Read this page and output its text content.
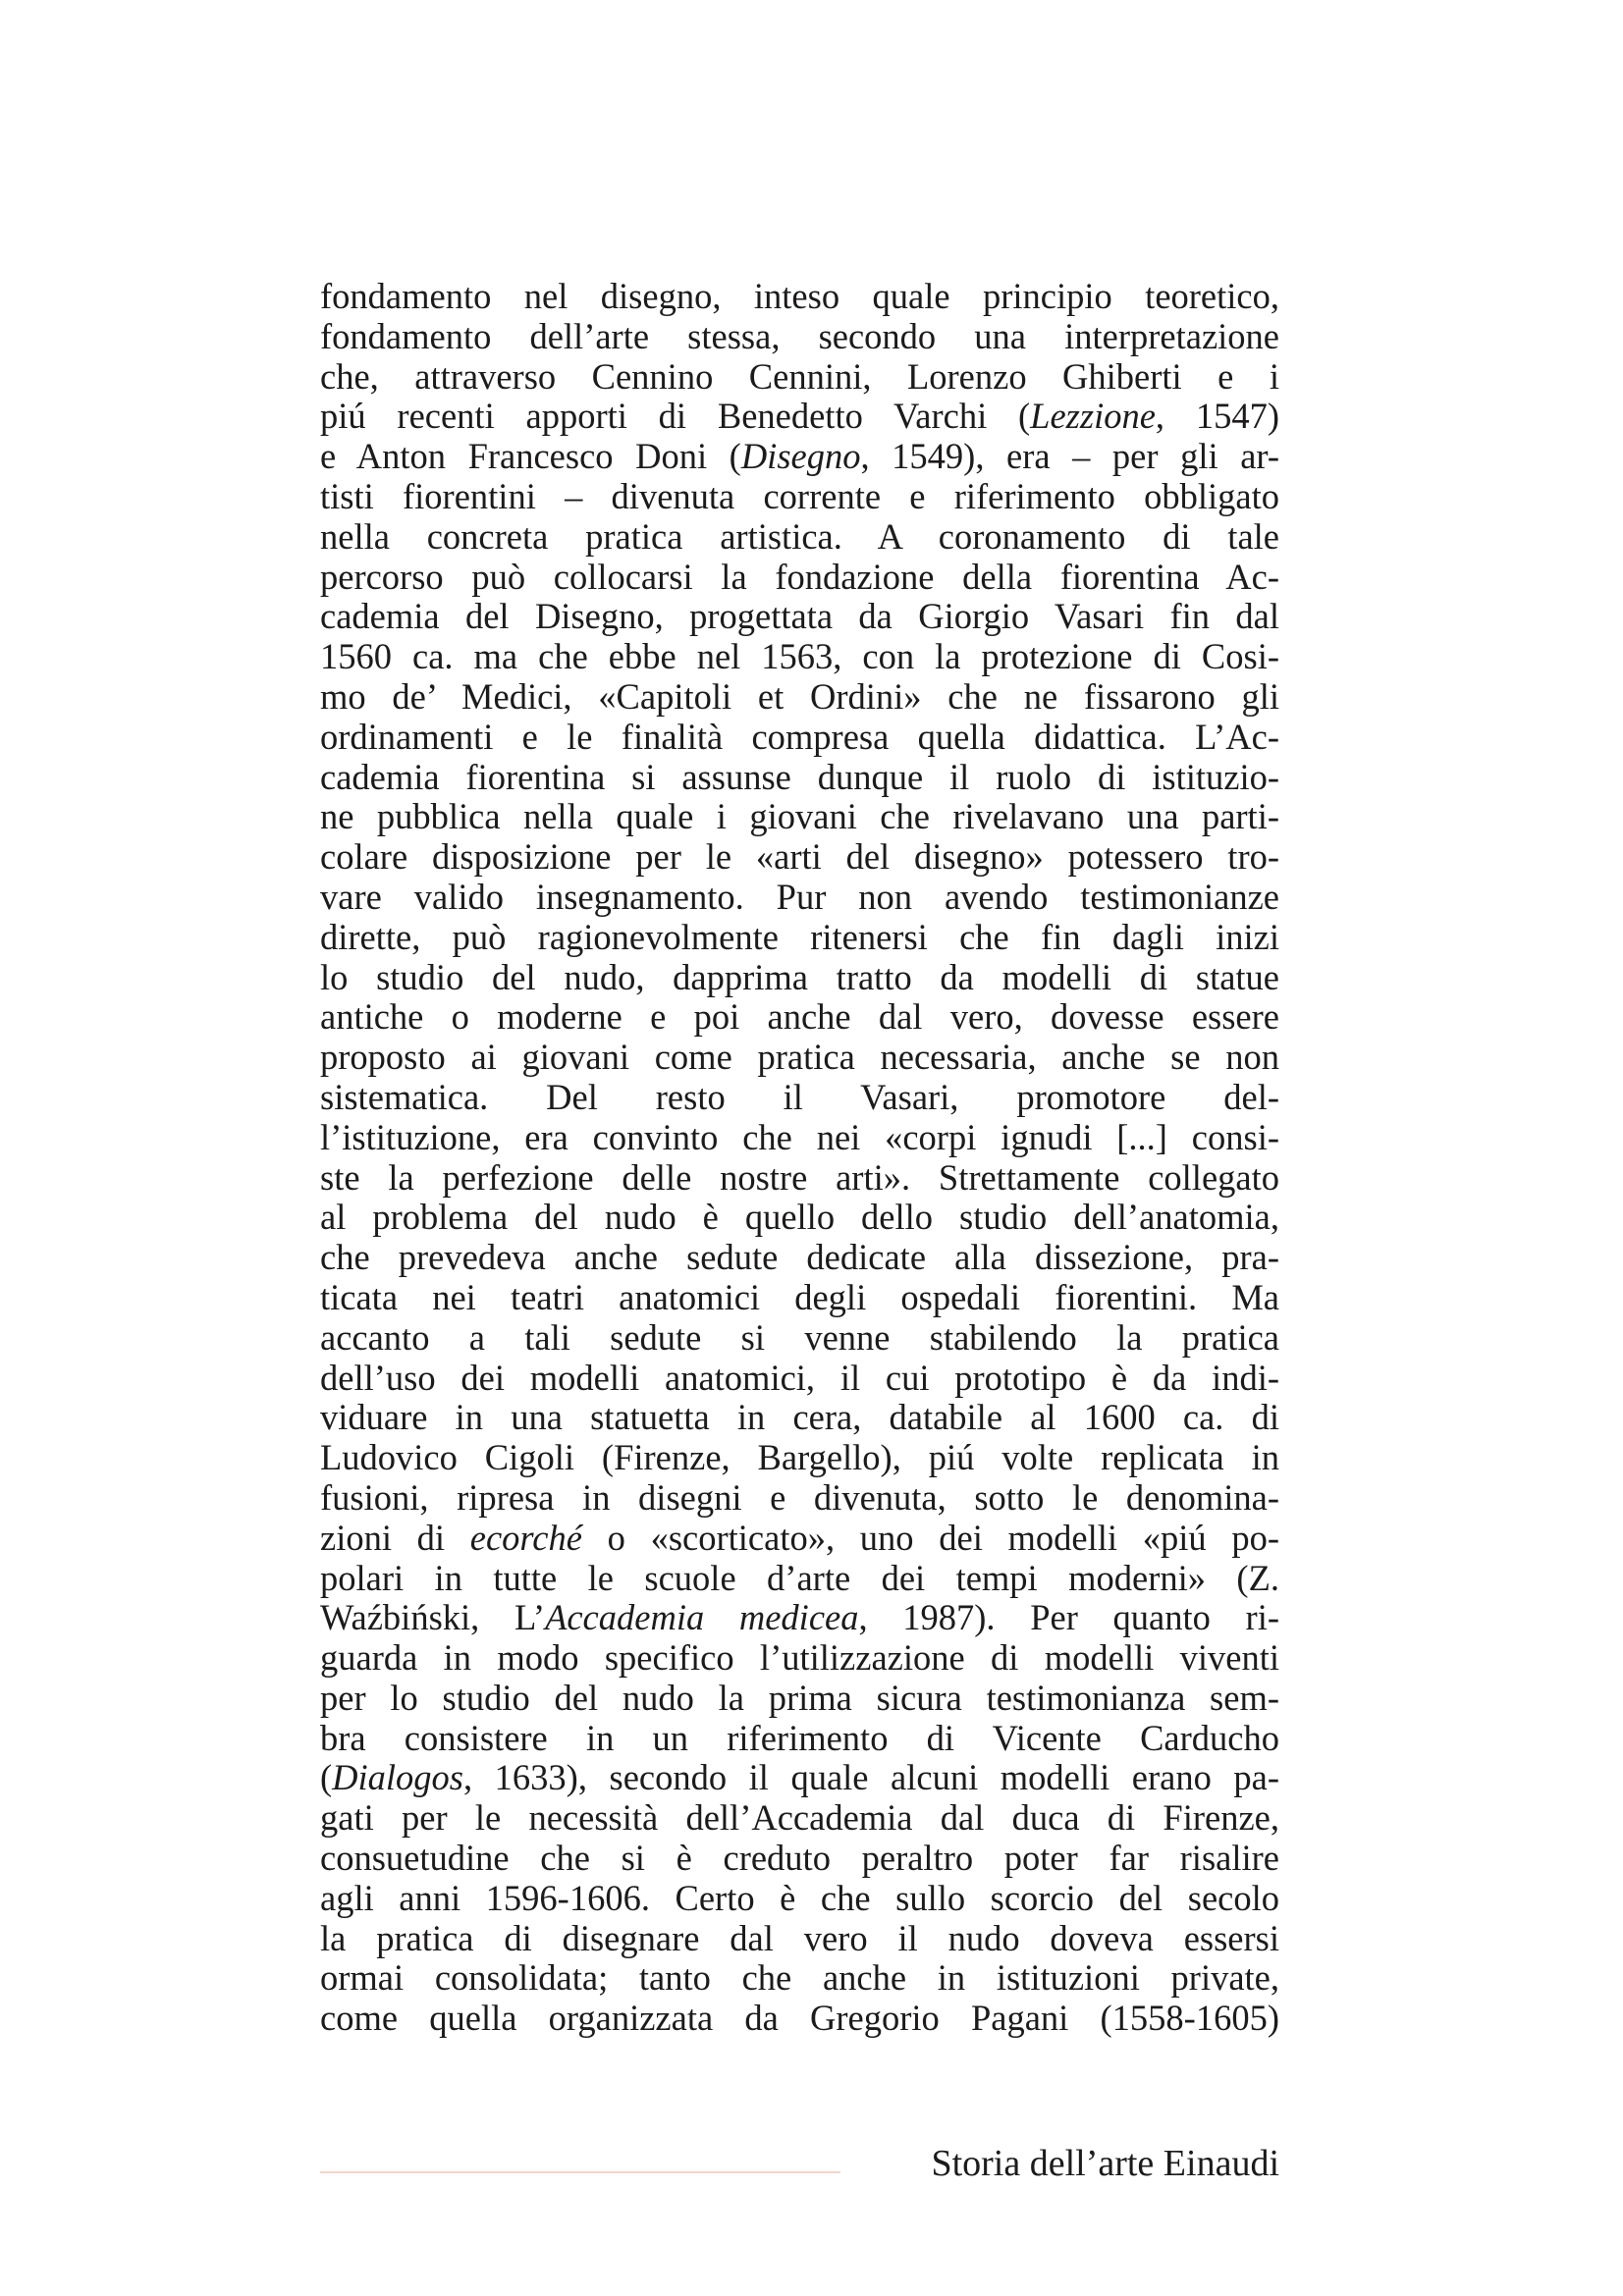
fondamento nel disegno, inteso quale principio teoretico,
fondamento dell’arte stessa, secondo una interpretazione
che, attraverso Cennino Cennini, Lorenzo Ghiberti e i
piú recenti apporti di Benedetto Varchi (Lezzione, 1547)
e Anton Francesco Doni (Disegno, 1549), era – per gli ar-
tisti fiorentini – divenuta corrente e riferimento obbligato
nella concreta pratica artistica. A coronamento di tale
percorso può collocarsi la fondazione della fiorentina Ac-
cademia del Disegno, progettata da Giorgio Vasari fin dal
1560 ca. ma che ebbe nel 1563, con la protezione di Cosi-
mo de’ Medici, «Capitoli et Ordini» che ne fissarono gli
ordinamenti e le finalità compresa quella didattica. L’Ac-
cademia fiorentina si assunse dunque il ruolo di istituzio-
ne pubblica nella quale i giovani che rivelavano una parti-
colare disposizione per le «arti del disegno» potessero tro-
vare valido insegnamento. Pur non avendo testimonianze
dirette, può ragionevolmente ritenersi che fin dagli inizi
lo studio del nudo, dapprima tratto da modelli di statue
antiche o moderne e poi anche dal vero, dovesse essere
proposto ai giovani come pratica necessaria, anche se non
sistematica. Del resto il Vasari, promotore del-
l’istituzione, era convinto che nei «corpi ignudi [...] consi-
ste la perfezione delle nostre arti». Strettamente collegato
al problema del nudo è quello dello studio dell’anatomia,
che prevedeva anche sedute dedicate alla dissezione, pra-
ticata nei teatri anatomici degli ospedali fiorentini. Ma
accanto a tali sedute si venne stabilendo la pratica
dell’uso dei modelli anatomici, il cui prototipo è da indi-
viduare in una statuetta in cera, databile al 1600 ca. di
Ludovico Cigoli (Firenze, Bargello), piú volte replicata in
fusioni, ripresa in disegni e divenuta, sotto le denomina-
zioni di ecorché o «scorticato», uno dei modelli «piú po-
polari in tutte le scuole d’arte dei tempi moderni» (Z.
Waźbiński, L’Accademia medicea, 1987). Per quanto ri-
guarda in modo specifico l’utilizzazione di modelli viventi
per lo studio del nudo la prima sicura testimonianza sem-
bra consistere in un riferimento di Vicente Carducho
(Dialogos, 1633), secondo il quale alcuni modelli erano pa-
gati per le necessità dell’Accademia dal duca di Firenze,
consuetudine che si è creduto peraltro poter far risalire
agli anni 1596-1606. Certo è che sullo scorcio del secolo
la pratica di disegnare dal vero il nudo doveva essersi
ormai consolidata; tanto che anche in istituzioni private,
come quella organizzata da Gregorio Pagani (1558-1605)
Storia dell’arte Einaudi
